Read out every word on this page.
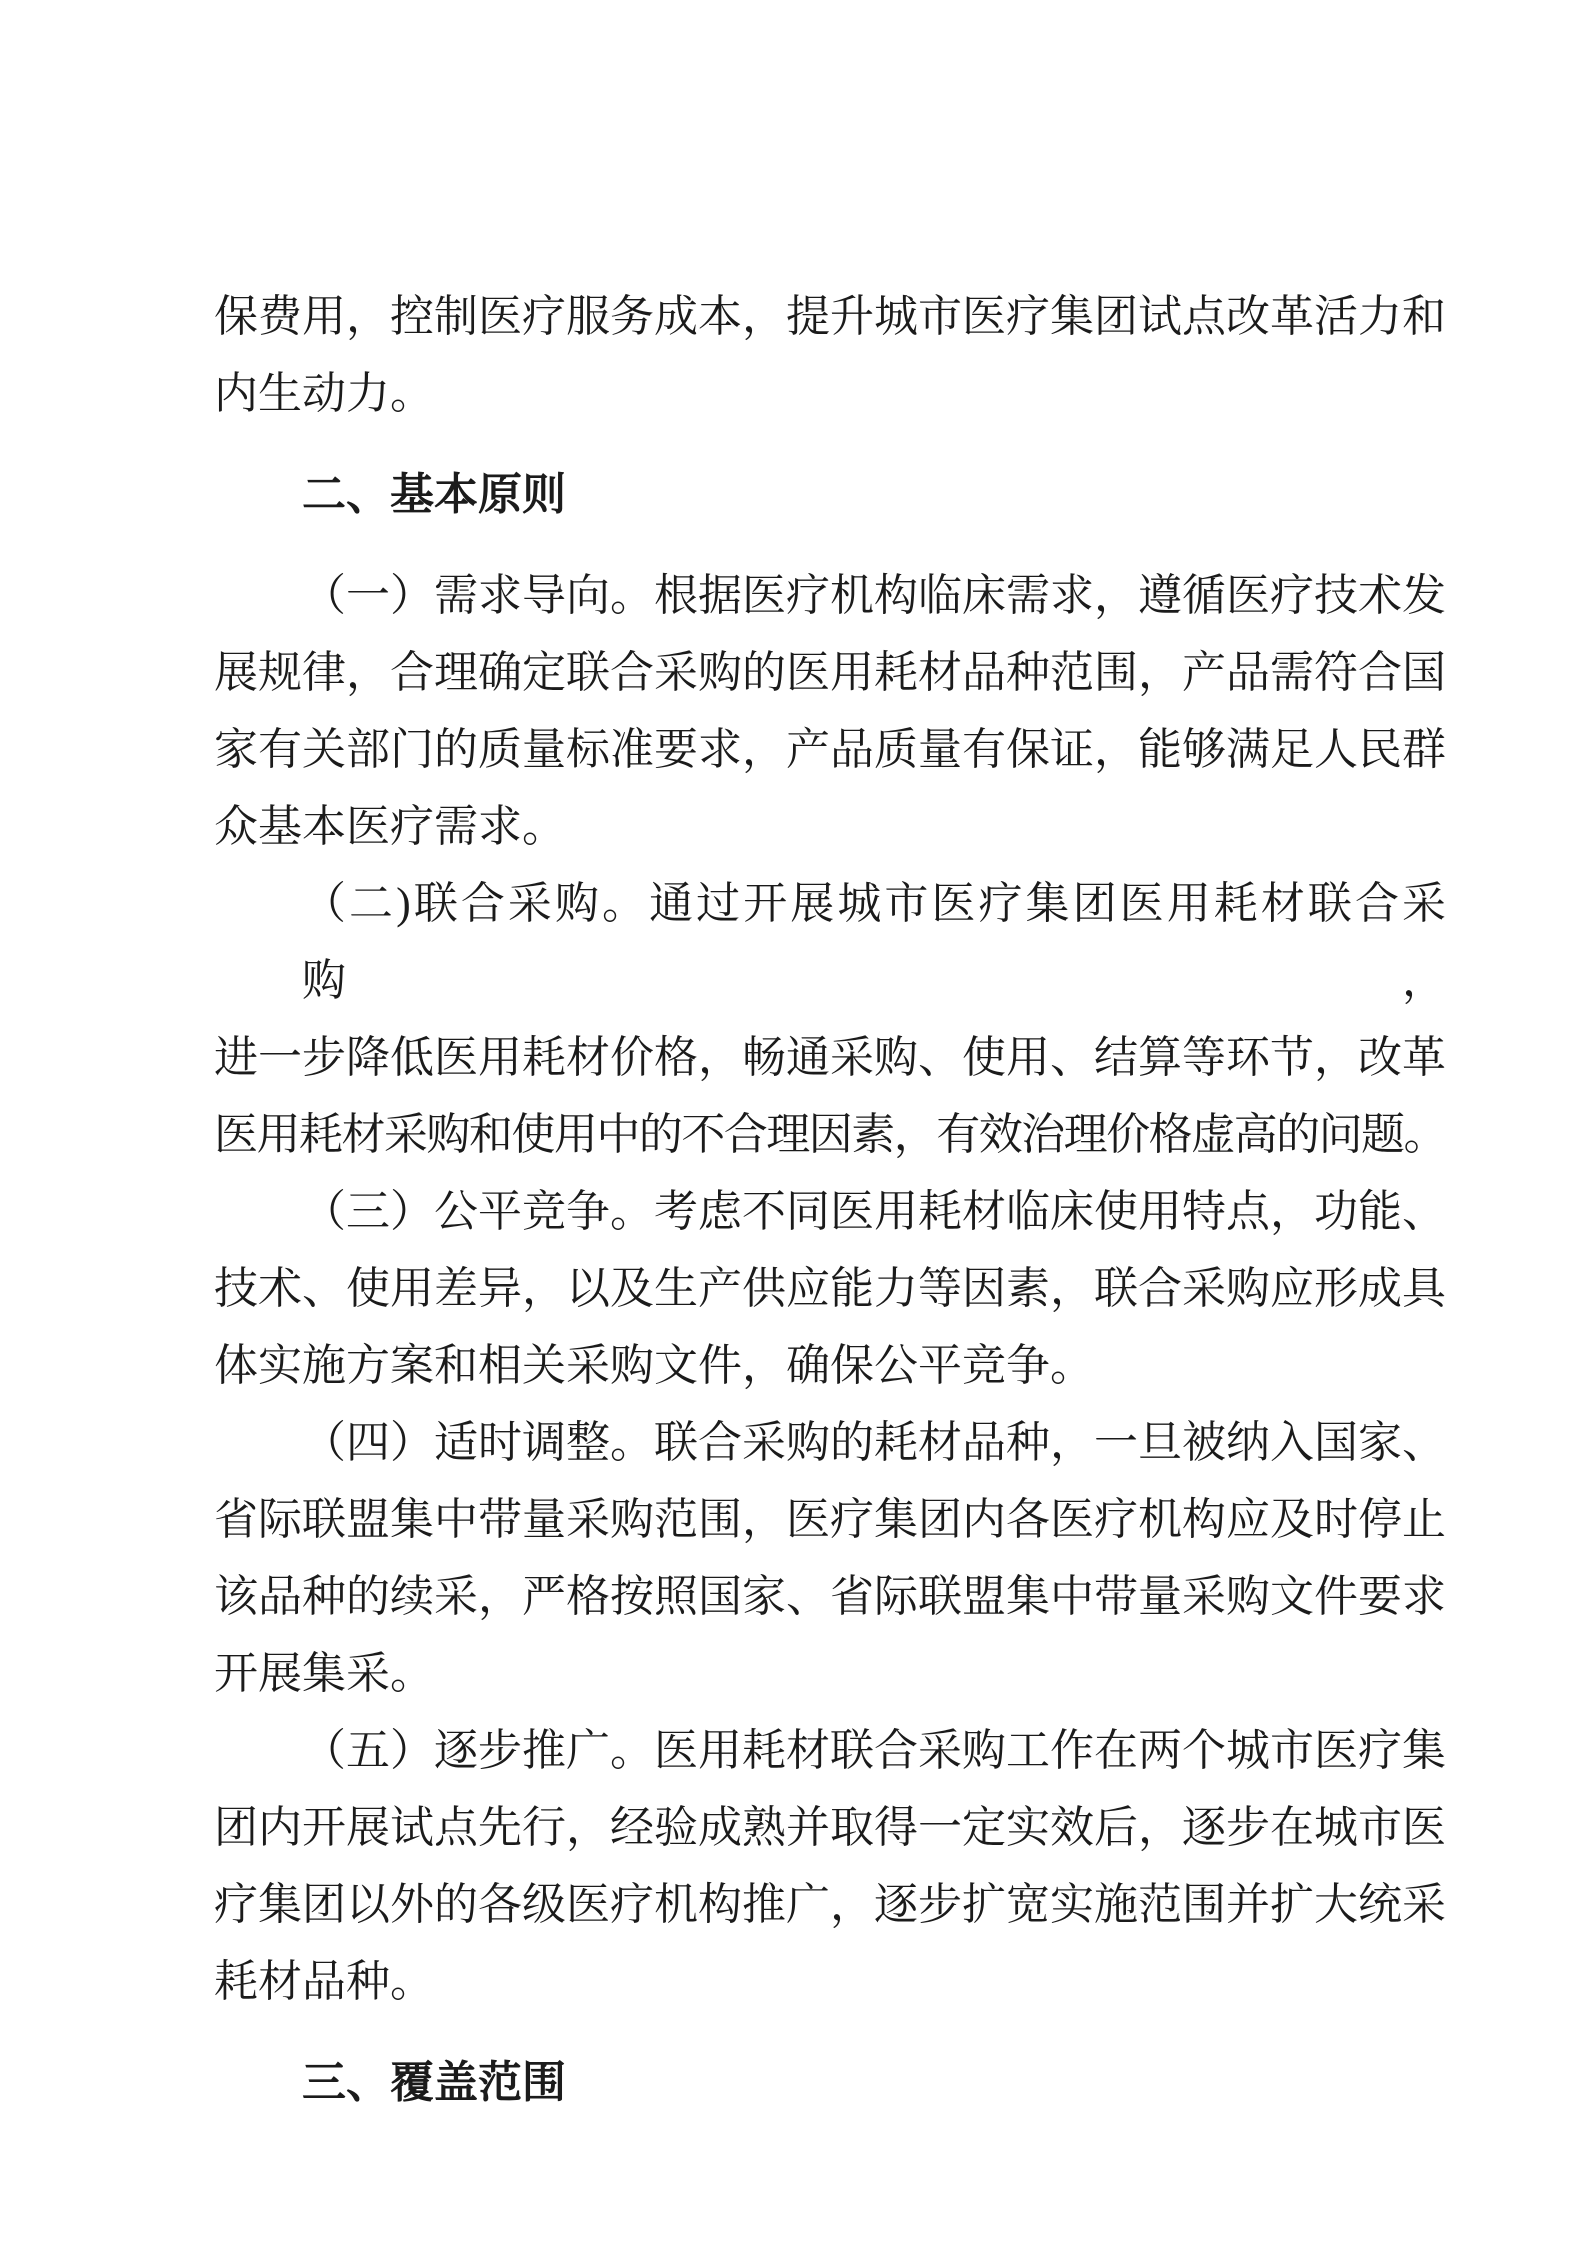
保费用，控制医疗服务成本，提升城市医疗集团试点改革活力和
内生动力。
二、基本原则
（一）需求导向。根据医疗机构临床需求，遵循医疗技术发
展规律，合理确定联合采购的医用耗材品种范围，产品需符合国
家有关部门的质量标准要求，产品质量有保证，能够满足人民群
众基本医疗需求。
（二)联合采购。通过开展城市医疗集团医用耗材联合采购，
进一步降低医用耗材价格，畅通采购、使用、结算等环节，改革
医用耗材采购和使用中的不合理因素，有效治理价格虚高的问题。
（三）公平竞争。考虑不同医用耗材临床使用特点，功能、
技术、使用差异，以及生产供应能力等因素，联合采购应形成具
体实施方案和相关采购文件，确保公平竞争。
（四）适时调整。联合采购的耗材品种，一旦被纳入国家、
省际联盟集中带量采购范围，医疗集团内各医疗机构应及时停止
该品种的续采，严格按照国家、省际联盟集中带量采购文件要求
开展集采。
（五）逐步推广。医用耗材联合采购工作在两个城市医疗集
团内开展试点先行，经验成熟并取得一定实效后，逐步在城市医
疗集团以外的各级医疗机构推广，逐步扩宽实施范围并扩大统采
耗材品种。
三、覆盖范围
